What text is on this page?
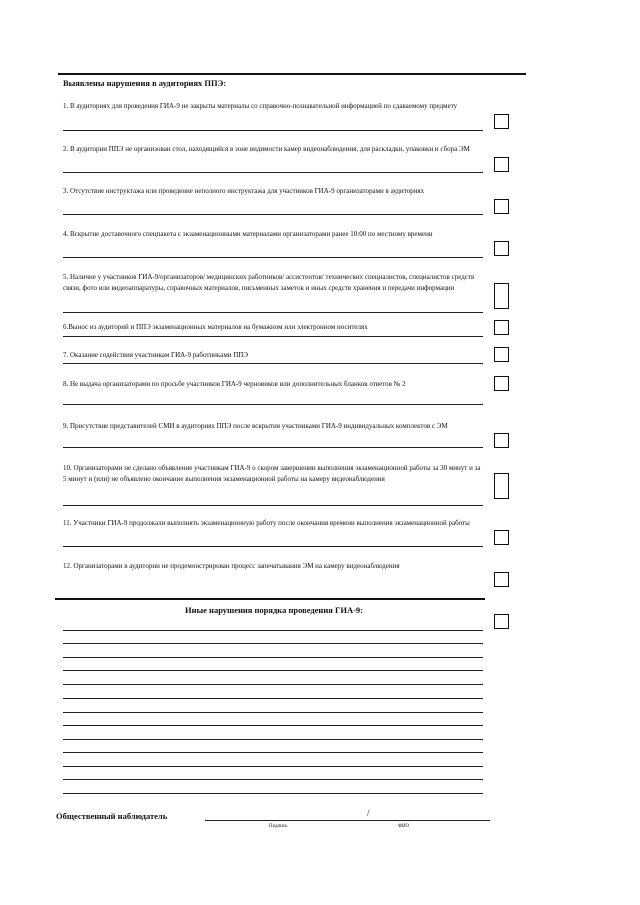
Выявлены нарушения в аудиториях ППЭ:
1. В аудиториях для проведения ГИА-9 не закрыты материалы со справочно-познавательной информацией по сдаваемому предмету
2. В аудитории ППЭ не организован стол, находящийся в зоне видимости камер видеонаблюдения, для раскладки, упаковки и сбора ЭМ
3. Отсутствие инструктажа или проведение неполного инструктажа для участников ГИА-9 организаторами в аудиториях
4. Вскрытие доставочного спецпакета с экзаменационными материалами организаторами ранее 10:00 по местному времени
5. Наличие у участников ГИА-9/организаторов/ медицинских работников/ ассистентов/ технических специалистов, специалистов средств связи, фото или видеоаппаратуры, справочных материалов, письменных заметок и иных средств хранения и передачи информации
6.Вынос из аудиторий и ППЭ экзаменационных материалов на бумажном или электронном носителях
7. Оказание содействия участникам ГИА-9 работниками ППЭ
8. Не выдача организаторами по просьбе участников ГИА-9 черновиков или дополнительных бланков ответов № 2
9. Присутствие представителей СМИ в аудиториях ППЭ после вскрытия участниками ГИА-9 индивидуальных комплектов с ЭМ
10. Организаторами не сделано объявление участникам ГИА-9 о скором завершении выполнения экзаменационной работы за 30 минут и за 5 минут и (или) не объявлено окончание выполнения экзаменационной работы на камеру видеонаблюдения
11. Участники ГИА-9 продолжали выполнять экзаменационную работу после окончания времени выполнения экзаменационной работы
12. Организаторами в аудитории не продемонстрирован процесс запечатывания ЭМ на камеру видеонаблюдения
Иные нарушения порядка проведения ГИА-9:
Общественный наблюдатель	/
Подпись	ФИО
